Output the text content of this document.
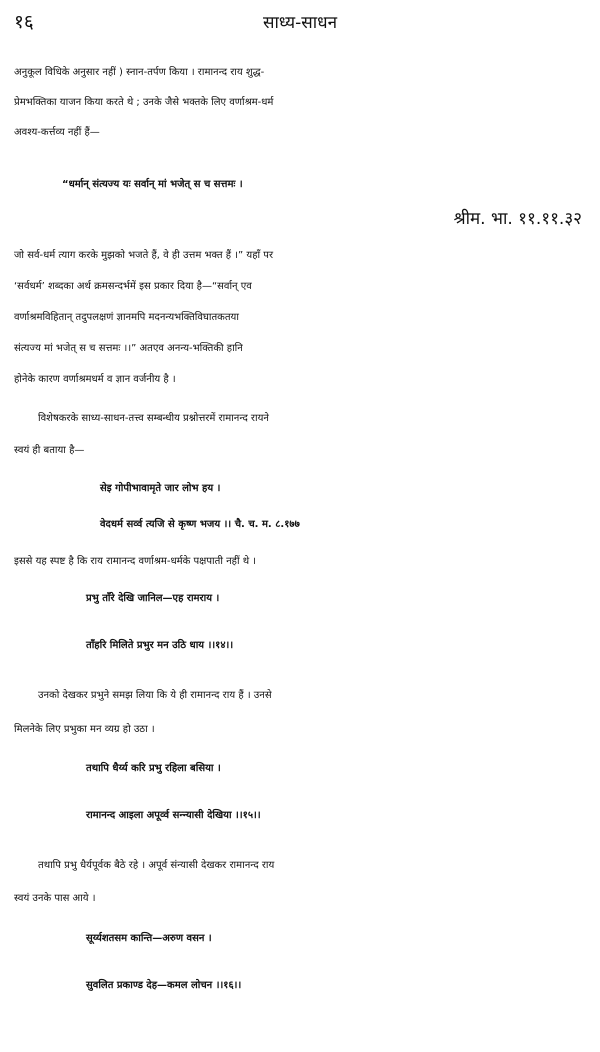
१६	साध्य-साधन
अनुकूल विधिके अनुसार नहीं ) स्नान-तर्पण किया । रामानन्द राय शुद्ध-
प्रेमभक्तिका याजन किया करते थे ; उनके जैसे भक्तके लिए वर्णाश्रम-धर्म
अवश्य-कर्त्तव्य नहीं हैं—
“धर्मान् संत्यज्य यः सर्वान् मां भजेत् स च सत्तमः ।
श्रीम. भा. ११.११.३२
जो सर्व-धर्म त्याग करके मुझको भजते हैं, वे ही उत्तम भक्त हैं ।” यहाँ पर
‘सर्वधर्म’ शब्दका अर्थ क्रमसन्दर्भमें इस प्रकार दिया है—“सर्वान् एव
वर्णाश्रमविहितान् तदुपलक्षणं ज्ञानमपि मदनन्यभक्तिविघातकतया
संत्यज्य मां भजेत् स च सत्तमः ।।” अतएव अनन्य-भक्तिकी हानि
होनेके कारण वर्णाश्रमधर्म व ज्ञान वर्जनीय है ।
विशेषकरके साध्य-साधन-तत्त्व सम्बन्धीय प्रश्नोत्तरमें रामानन्द रायने
स्वयं ही बताया है—
सेइ गोपीभावामृते जार लोभ हय ।
वेदधर्म सर्व्व त्यजि से कृष्ण भजय ।। चै. च. म. ८.१७७
इससे यह स्पष्ट है कि राय रामानन्द वर्णाश्रम-धर्मके पक्षपाती नहीं थे ।
प्रभु ताँरे देखि जानिल—एह रामराय ।
ताँहरि मिलिते प्रभुर मन उठि धाय ।।१४।।
उनको देखकर प्रभुने समझ लिया कि ये ही रामानन्द राय हैं । उनसे
मिलनेके लिए प्रभुका मन व्यग्र हो उठा ।
तथापि धैर्य्य करि प्रभु रहिला बसिया ।
रामानन्द आइला अपूर्व्व सन्न्यासी देखिया ।।१५।।
तथापि प्रभु धैर्यपूर्वक बैठे रहे । अपूर्व संन्यासी देखकर रामानन्द राय
स्वयं उनके पास आये ।
सूर्य्यशतसम कान्ति—अरुण वसन ।
सुवलित प्रकाण्ड देह—कमल लोचन ।।१६।।
